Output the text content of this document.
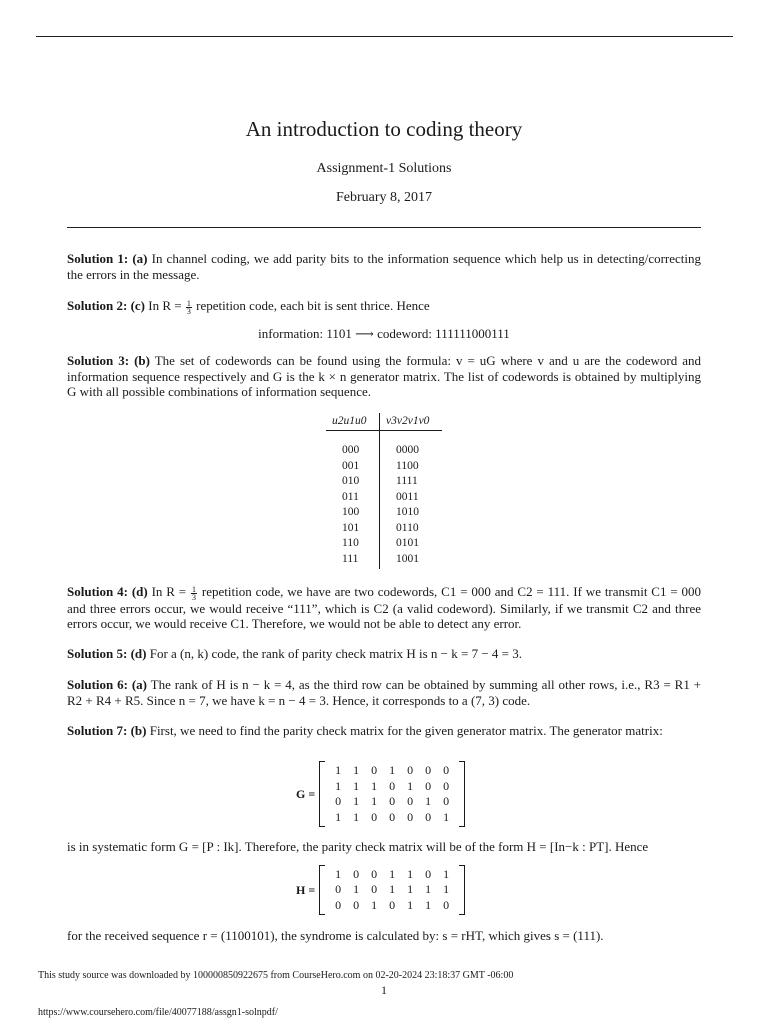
An introduction to coding theory
Assignment-1 Solutions
February 8, 2017
Solution 1: (a) In channel coding, we add parity bits to the information sequence which help us in detecting/correcting the errors in the message.
Solution 2: (c) In $R = \frac{1}{3}$ repetition code, each bit is sent thrice. Hence
information: 1101 ⟶ codeword: 111111000111
Solution 3: (b) The set of codewords can be found using the formula: v = uG where v and u are the codeword and information sequence respectively and G is the k × n generator matrix. The list of codewords is obtained by multiplying G with all possible combinations of information sequence.
u2u1u0 v3v2v1v0
000	0000
001	1100
010	1111
011	0011
100	1010
101	0110
110	0101
111	1001
Solution 4: (d) In $R = \frac{1}{3}$ repetition code, we have are two codewords, C1 = 000 and C2 = 111. If we transmit C1 = 000 and three errors occur, we would receive “111”, which is C2 (a valid codeword). Similarly, if we transmit C2 and three errors occur, we would receive C1. Therefore, we would not be able to detect any error.
Solution 5: (d) For a (n, k) code, the rank of parity check matrix H is n − k = 7 − 4 = 3.
Solution 6: (a) The rank of H is n − k = 4, as the third row can be obtained by summing all other rows, i.e., R3 = R1 + R2 + R4 + R5. Since n = 7, we have k = n − 4 = 3. Hence, it corresponds to a (7, 3) code.
Solution 7: (b) First, we need to find the parity check matrix for the given generator matrix. The generator matrix:
G =
1	1	0	1	0	0	0
1	1	1	0	1	0	0
0	1	1	0	0	1	0
1	1	0	0	0	0	1
is in systematic form G = [P : Ik]. Therefore, the parity check matrix will be of the form H = [In−k : PT]. Hence
H =
1	0	0	1	1	0	1
0	1	0	1	1	1	1
0	0	1	0	1	1	0
for the received sequence r = (1100101), the syndrome is calculated by: s = rHT, which gives s = (111).
This study source was downloaded by 100000850922675 from CourseHero.com on 02-20-2024 23:18:37 GMT -06:00
1
https://www.coursehero.com/file/40077188/assgn1-solnpdf/
